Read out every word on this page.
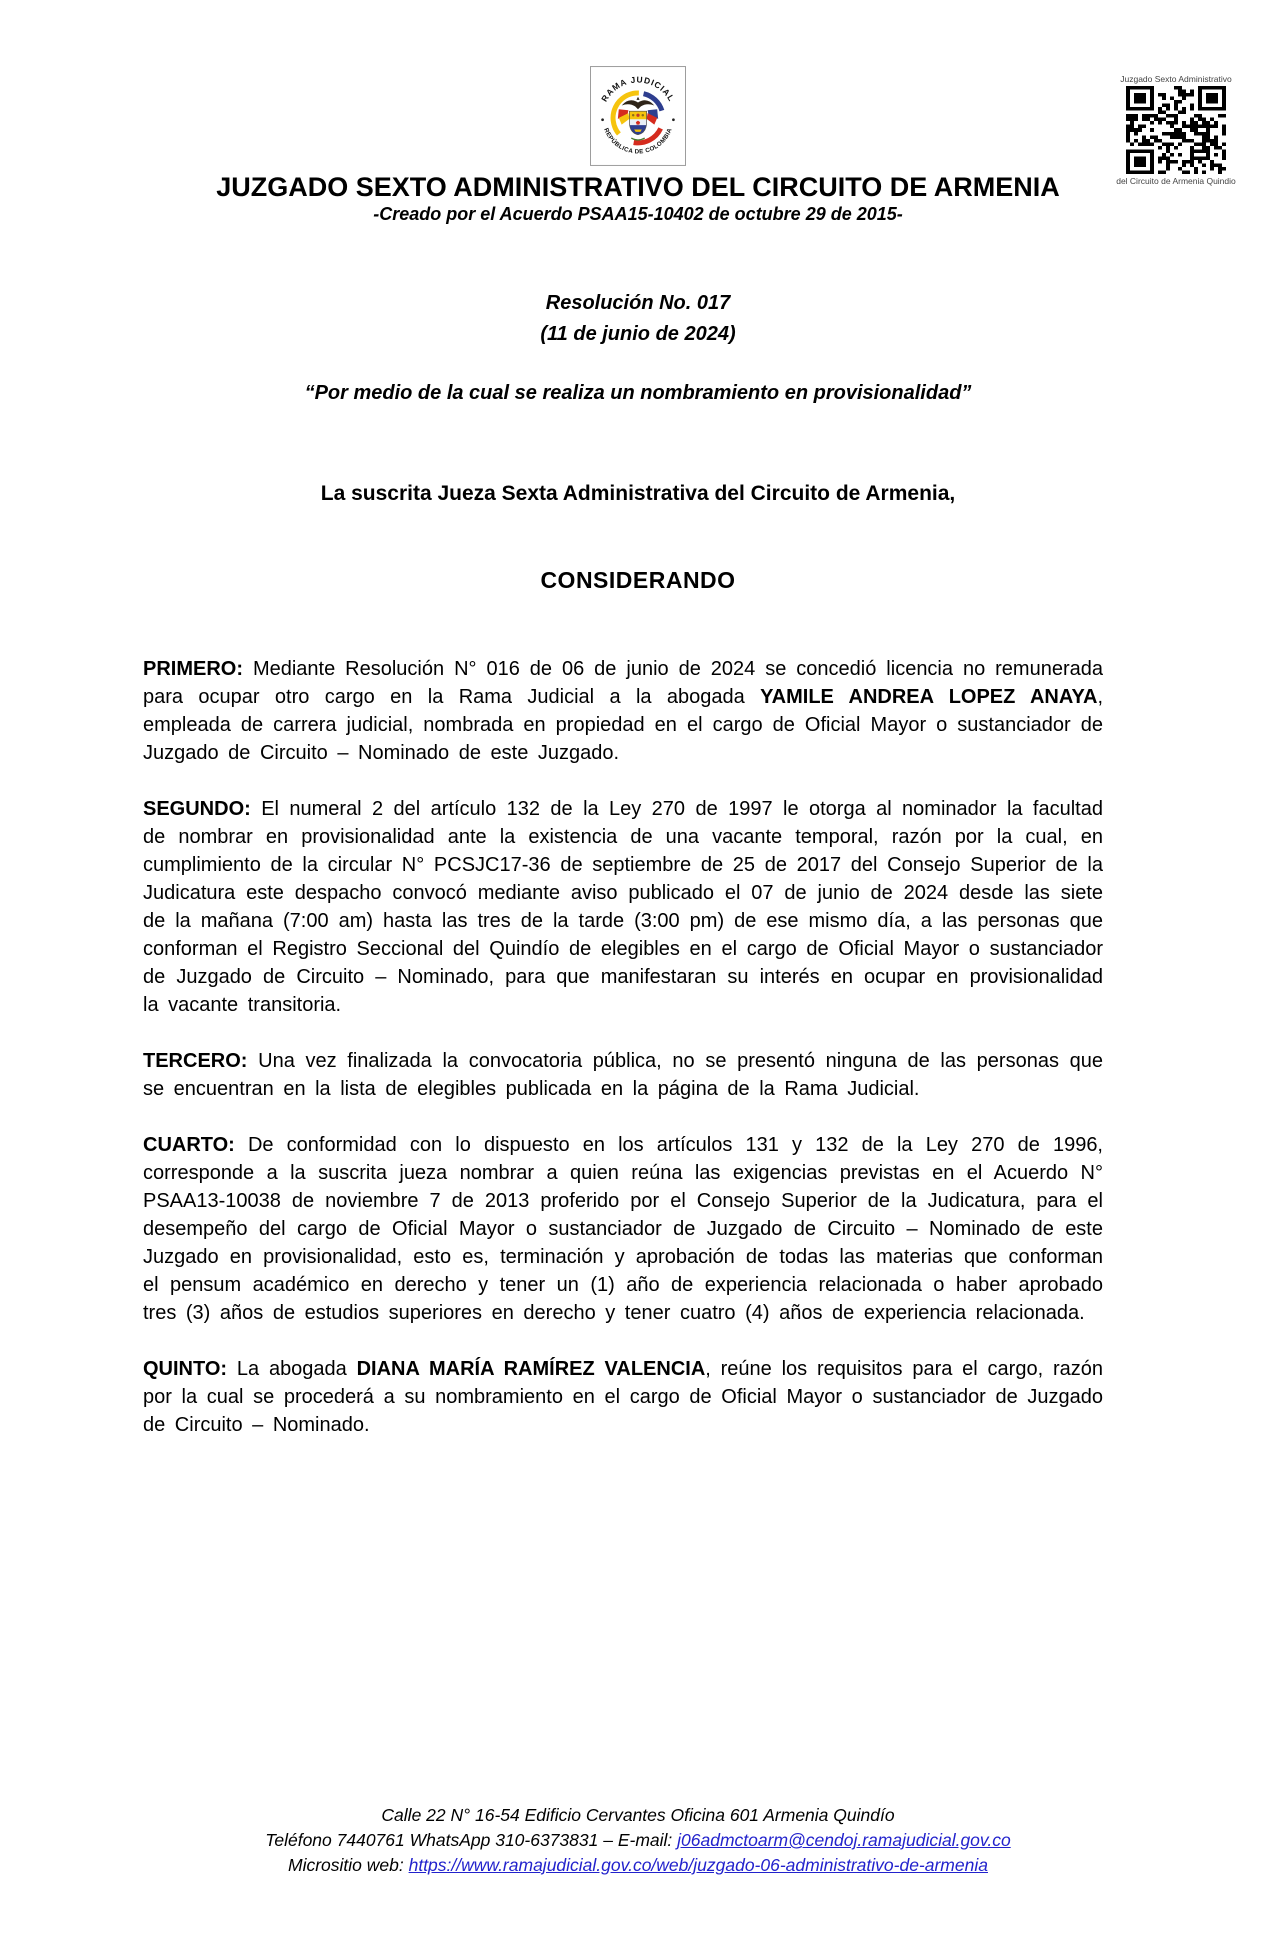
RAMA JUDICIAL
REPÚBLICA DE COLOMBIA
Juzgado Sexto Administrativo
del Circuito de Armenia Quindio
JUZGADO SEXTO ADMINISTRATIVO DEL CIRCUITO DE ARMENIA
-Creado por el Acuerdo PSAA15-10402 de octubre 29 de 2015-
Resolución No. 017
(11 de junio de 2024)
“Por medio de la cual se realiza un nombramiento en provisionalidad”
La suscrita Jueza Sexta Administrativa del Circuito de Armenia,
CONSIDERANDO

PRIMERO: Mediante Resolución N° 016 de 06 de junio de 2024 se concedió licencia no remunerada para ocupar otro cargo en la Rama Judicial a la abogada YAMILE ANDREA LOPEZ ANAYA, empleada de carrera judicial, nombrada en propiedad en el cargo de Oficial Mayor o sustanciador de Juzgado de Circuito – Nominado de este Juzgado.

SEGUNDO: El numeral 2 del artículo 132 de la Ley 270 de 1997 le otorga al nominador la facultad de nombrar en provisionalidad ante la existencia de una vacante temporal, razón por la cual, en cumplimiento de la circular N° PCSJC17-36 de septiembre de 25 de 2017 del Consejo Superior de la Judicatura este despacho convocó mediante aviso publicado el 07 de junio de 2024 desde las siete de la mañana (7:00 am) hasta las tres de la tarde (3:00 pm) de ese mismo día, a las personas que conforman el Registro Seccional del Quindío de elegibles en el cargo de Oficial Mayor o sustanciador de Juzgado de Circuito – Nominado, para que manifestaran su interés en ocupar en provisionalidad la vacante transitoria.

TERCERO: Una vez finalizada la convocatoria pública, no se presentó ninguna de las personas que se encuentran en la lista de elegibles publicada en la página de la Rama Judicial.

CUARTO: De conformidad con lo dispuesto en los artículos 131 y 132 de la Ley 270 de 1996, corresponde a la suscrita jueza nombrar a quien reúna las exigencias previstas en el Acuerdo N° PSAA13-10038 de noviembre 7 de 2013 proferido por el Consejo Superior de la Judicatura, para el desempeño del cargo de Oficial Mayor o sustanciador de Juzgado de Circuito – Nominado de este Juzgado en provisionalidad, esto es, terminación y aprobación de todas las materias que conforman el pensum académico en derecho y tener un (1) año de experiencia relacionada o haber aprobado tres (3) años de estudios superiores en derecho y tener cuatro (4) años de experiencia relacionada.

QUINTO: La abogada DIANA MARÍA RAMÍREZ VALENCIA, reúne los requisitos para el cargo, razón por la cual se procederá a su nombramiento en el cargo de Oficial Mayor o sustanciador de Juzgado de Circuito – Nominado.

Calle 22 N° 16-54 Edificio Cervantes Oficina 601 Armenia Quindío
Teléfono 7440761 WhatsApp 310-6373831 – E-mail: j06admctoarm@cendoj.ramajudicial.gov.co
Micrositio web: https://www.ramajudicial.gov.co/web/juzgado-06-administrativo-de-armenia
